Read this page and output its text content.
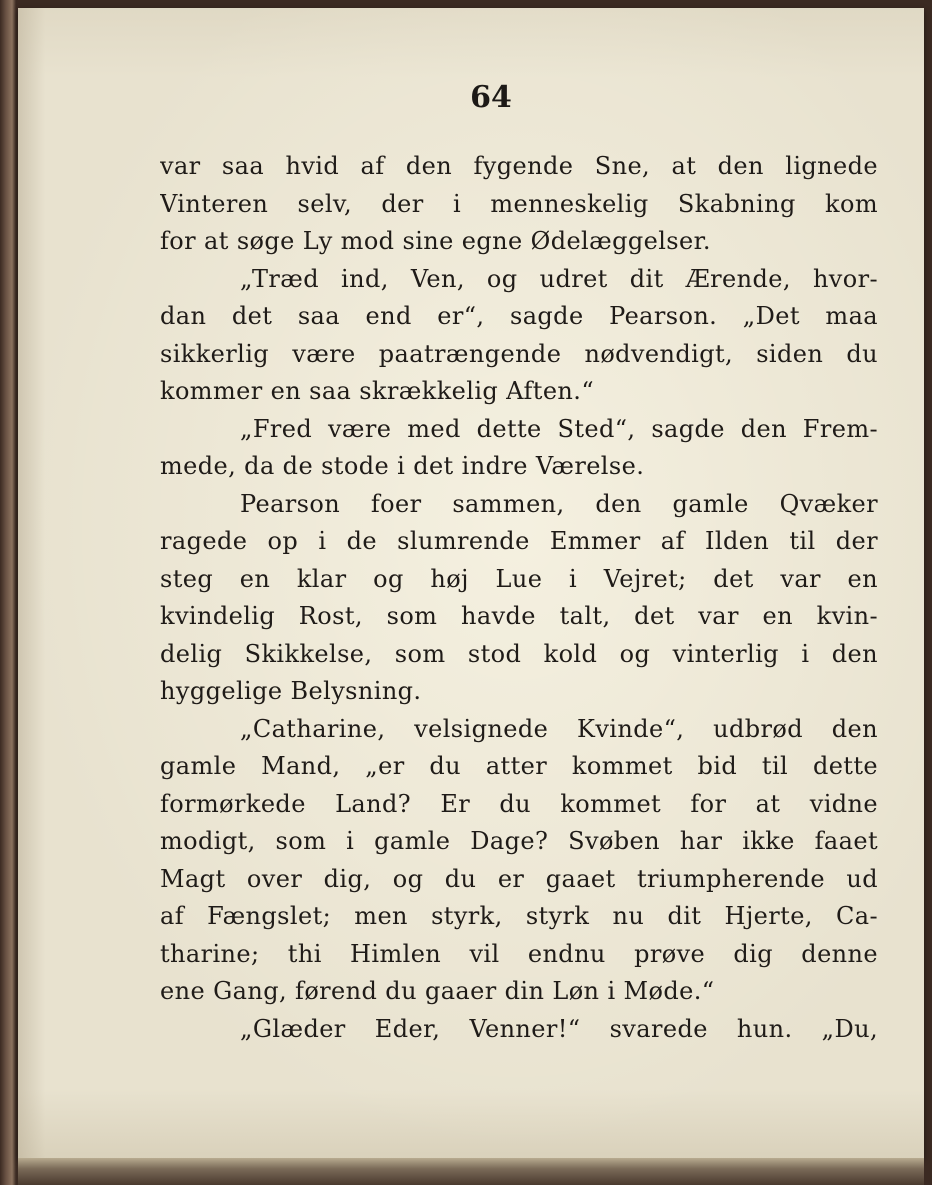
64
var saa hvid af den fygende Sne, at den lignede
Vinteren selv, der i menneskelig Skabning kom
for at søge Ly mod sine egne Ødelæggelser.
„Træd ind, Ven, og udret dit Ærende, hvor-
dan det saa end er“, sagde Pearson. „Det maa
sikkerlig være paatrængende nødvendigt, siden du
kommer en saa skrækkelig Aften.“
„Fred være med dette Sted“, sagde den Frem-
mede, da de stode i det indre Værelse.
Pearson foer sammen, den gamle Qvæker
ragede op i de slumrende Emmer af Ilden til der
steg en klar og høj Lue i Vejret; det var en
kvindelig Rost, som havde talt, det var en kvin-
delig Skikkelse, som stod kold og vinterlig i den
hyggelige Belysning.
„Catharine, velsignede Kvinde“, udbrød den
gamle Mand, „er du atter kommet bid til dette
formørkede Land? Er du kommet for at vidne
modigt, som i gamle Dage? Svøben har ikke faaet
Magt over dig, og du er gaaet triumpherende ud
af Fængslet; men styrk, styrk nu dit Hjerte, Ca-
tharine; thi Himlen vil endnu prøve dig denne
ene Gang, førend du gaaer din Løn i Møde.“
„Glæder Eder, Venner!“ svarede hun. „Du,
